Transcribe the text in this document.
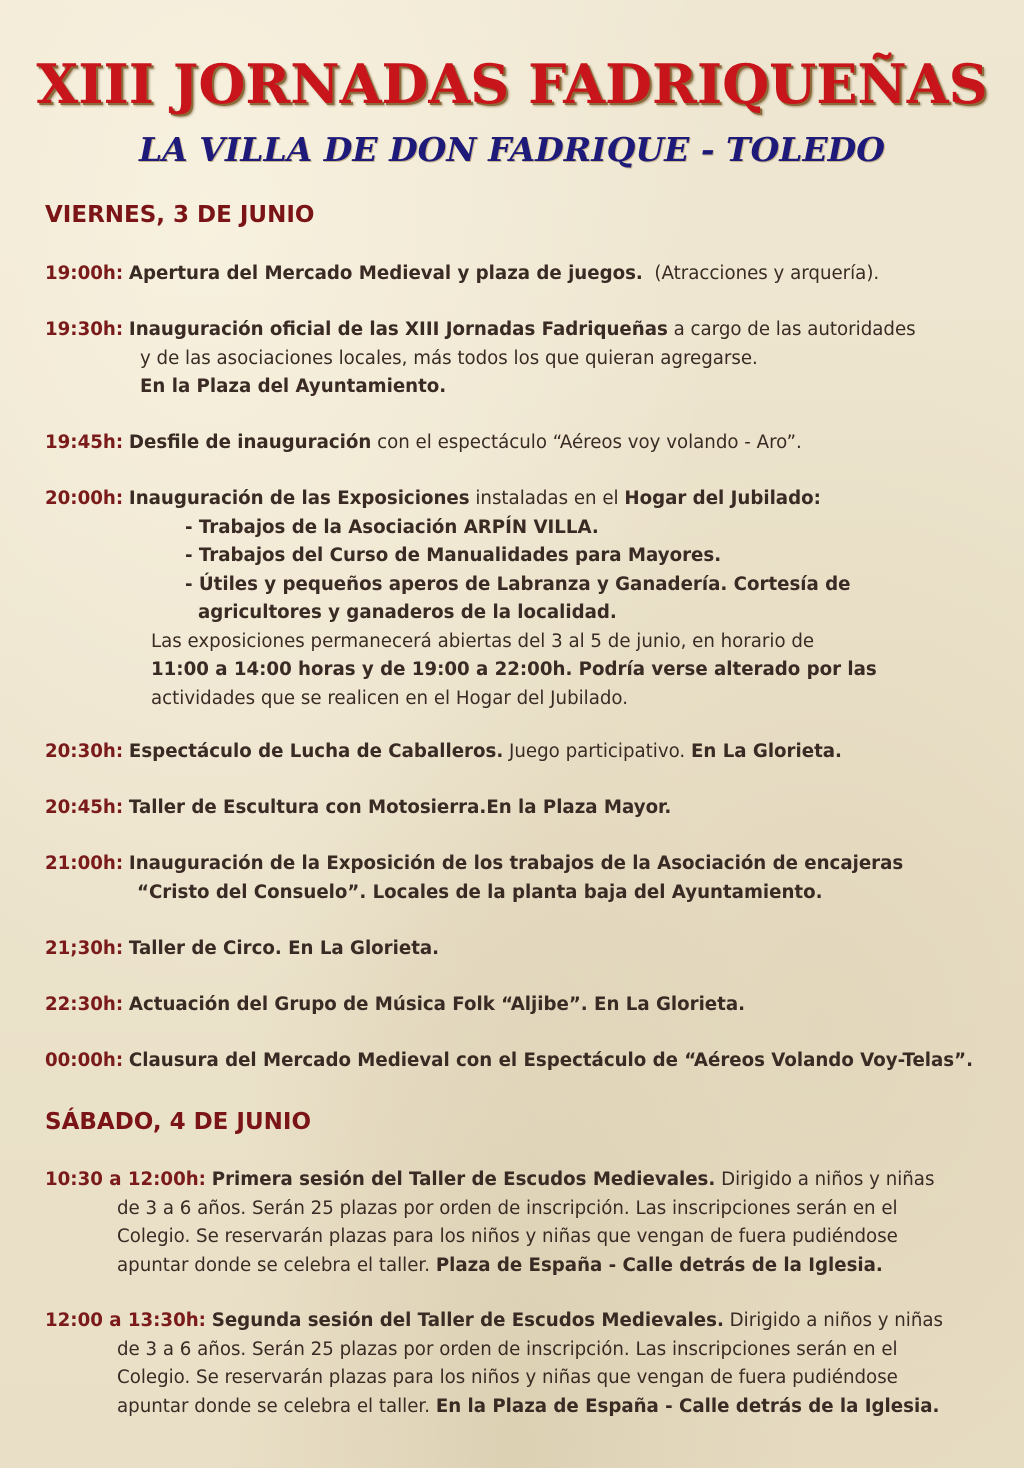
XIII JORNADAS FADRIQUEÑAS
LA VILLA DE DON FADRIQUE - TOLEDO
VIERNES, 3 DE JUNIO
19:00h: Apertura del Mercado Medieval y plaza de juegos. (Atracciones y arquería).
19:30h: Inauguración oficial de las XIII Jornadas Fadriqueñas a cargo de las autoridades
y de las asociaciones locales, más todos los que quieran agregarse.
En la Plaza del Ayuntamiento.
19:45h: Desfile de inauguración con el espectáculo “Aéreos voy volando - Aro”.
20:00h: Inauguración de las Exposiciones instaladas en el Hogar del Jubilado:
- Trabajos de la Asociación ARPÍN VILLA.
- Trabajos del Curso de Manualidades para Mayores.
- Útiles y pequeños aperos de Labranza y Ganadería. Cortesía de
agricultores y ganaderos de la localidad.
Las exposiciones permanecerá abiertas del 3 al 5 de junio, en horario de
11:00 a 14:00 horas y de 19:00 a 22:00h. Podría verse alterado por las
actividades que se realicen en el Hogar del Jubilado.
20:30h: Espectáculo de Lucha de Caballeros. Juego participativo. En La Glorieta.
20:45h: Taller de Escultura con Motosierra.En la Plaza Mayor.
21:00h: Inauguración de la Exposición de los trabajos de la Asociación de encajeras
“Cristo del Consuelo”. Locales de la planta baja del Ayuntamiento.
21;30h: Taller de Circo. En La Glorieta.
22:30h: Actuación del Grupo de Música Folk “Aljibe”. En La Glorieta.
00:00h: Clausura del Mercado Medieval con el Espectáculo de “Aéreos Volando Voy-Telas”.
SÁBADO, 4 DE JUNIO
10:30 a 12:00h: Primera sesión del Taller de Escudos Medievales. Dirigido a niños y niñas
de 3 a 6 años. Serán 25 plazas por orden de inscripción. Las inscripciones serán en el
Colegio. Se reservarán plazas para los niños y niñas que vengan de fuera pudiéndose
apuntar donde se celebra el taller. Plaza de España - Calle detrás de la Iglesia.
12:00 a 13:30h: Segunda sesión del Taller de Escudos Medievales. Dirigido a niños y niñas
de 3 a 6 años. Serán 25 plazas por orden de inscripción. Las inscripciones serán en el
Colegio. Se reservarán plazas para los niños y niñas que vengan de fuera pudiéndose
apuntar donde se celebra el taller. En la Plaza de España - Calle detrás de la Iglesia.
